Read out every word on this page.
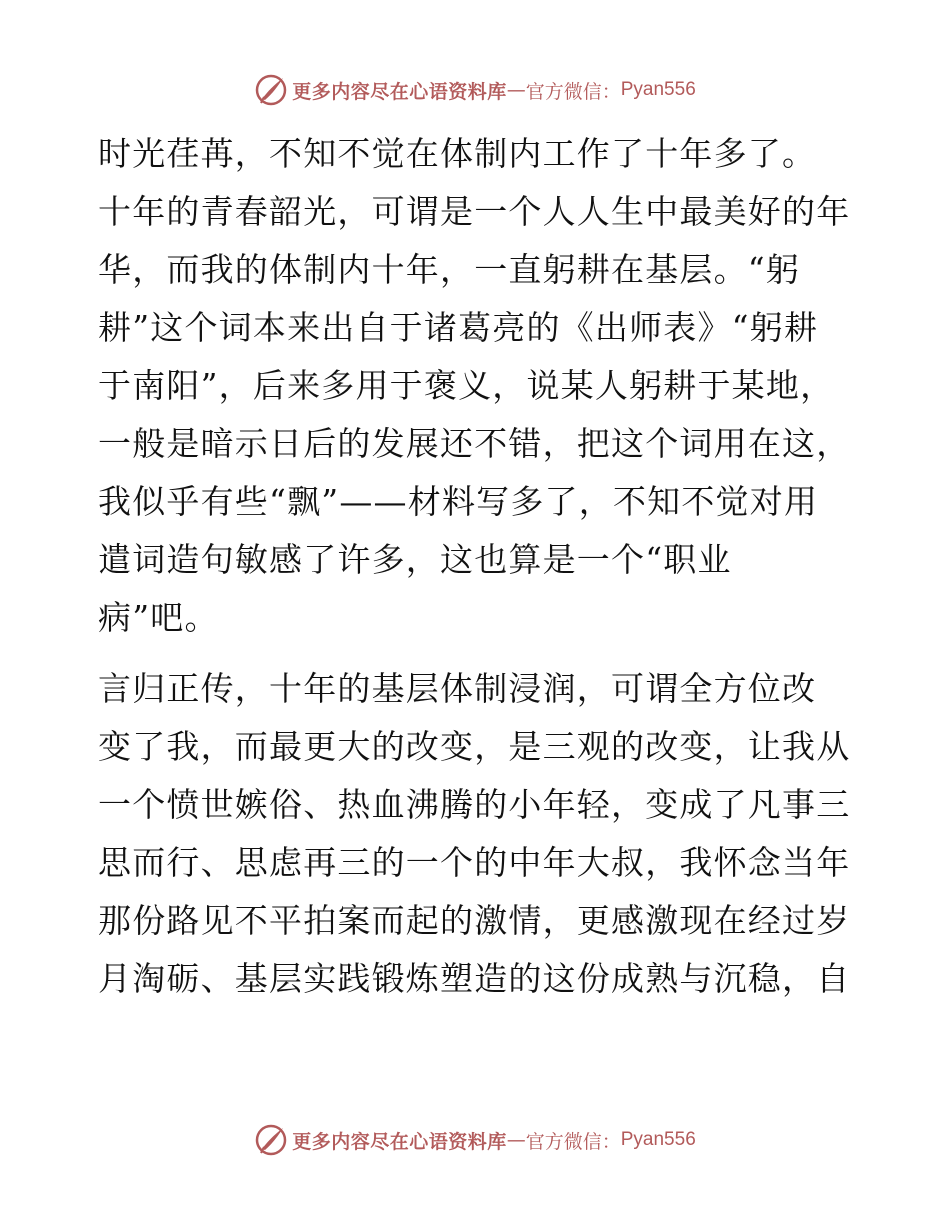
更多内容尽在心语资料库 — 官方微信： Pyan556
时光荏苒，不知不觉在体制内工作了十年多了。
十年的青春韶光，可谓是一个人人生中最美好的年
华，而我的体制内十年，一直躬耕在基层。“躬
耕”这个词本来出自于诸葛亮的《出师表》“躬耕
于南阳”，后来多用于褒义，说某人躬耕于某地，
一般是暗示日后的发展还不错，把这个词用在这，
我似乎有些“飘”——材料写多了，不知不觉对用
遣词造句敏感了许多，这也算是一个“职业
病”吧。
言归正传，十年的基层体制浸润，可谓全方位改
变了我，而最更大的改变，是三观的改变，让我从
一个愤世嫉俗、热血沸腾的小年轻，变成了凡事三
思而行、思虑再三的一个的中年大叔，我怀念当年
那份路见不平拍案而起的激情，更感激现在经过岁
月淘砺、基层实践锻炼塑造的这份成熟与沉稳，自
更多内容尽在心语资料库 — 官方微信： Pyan556
